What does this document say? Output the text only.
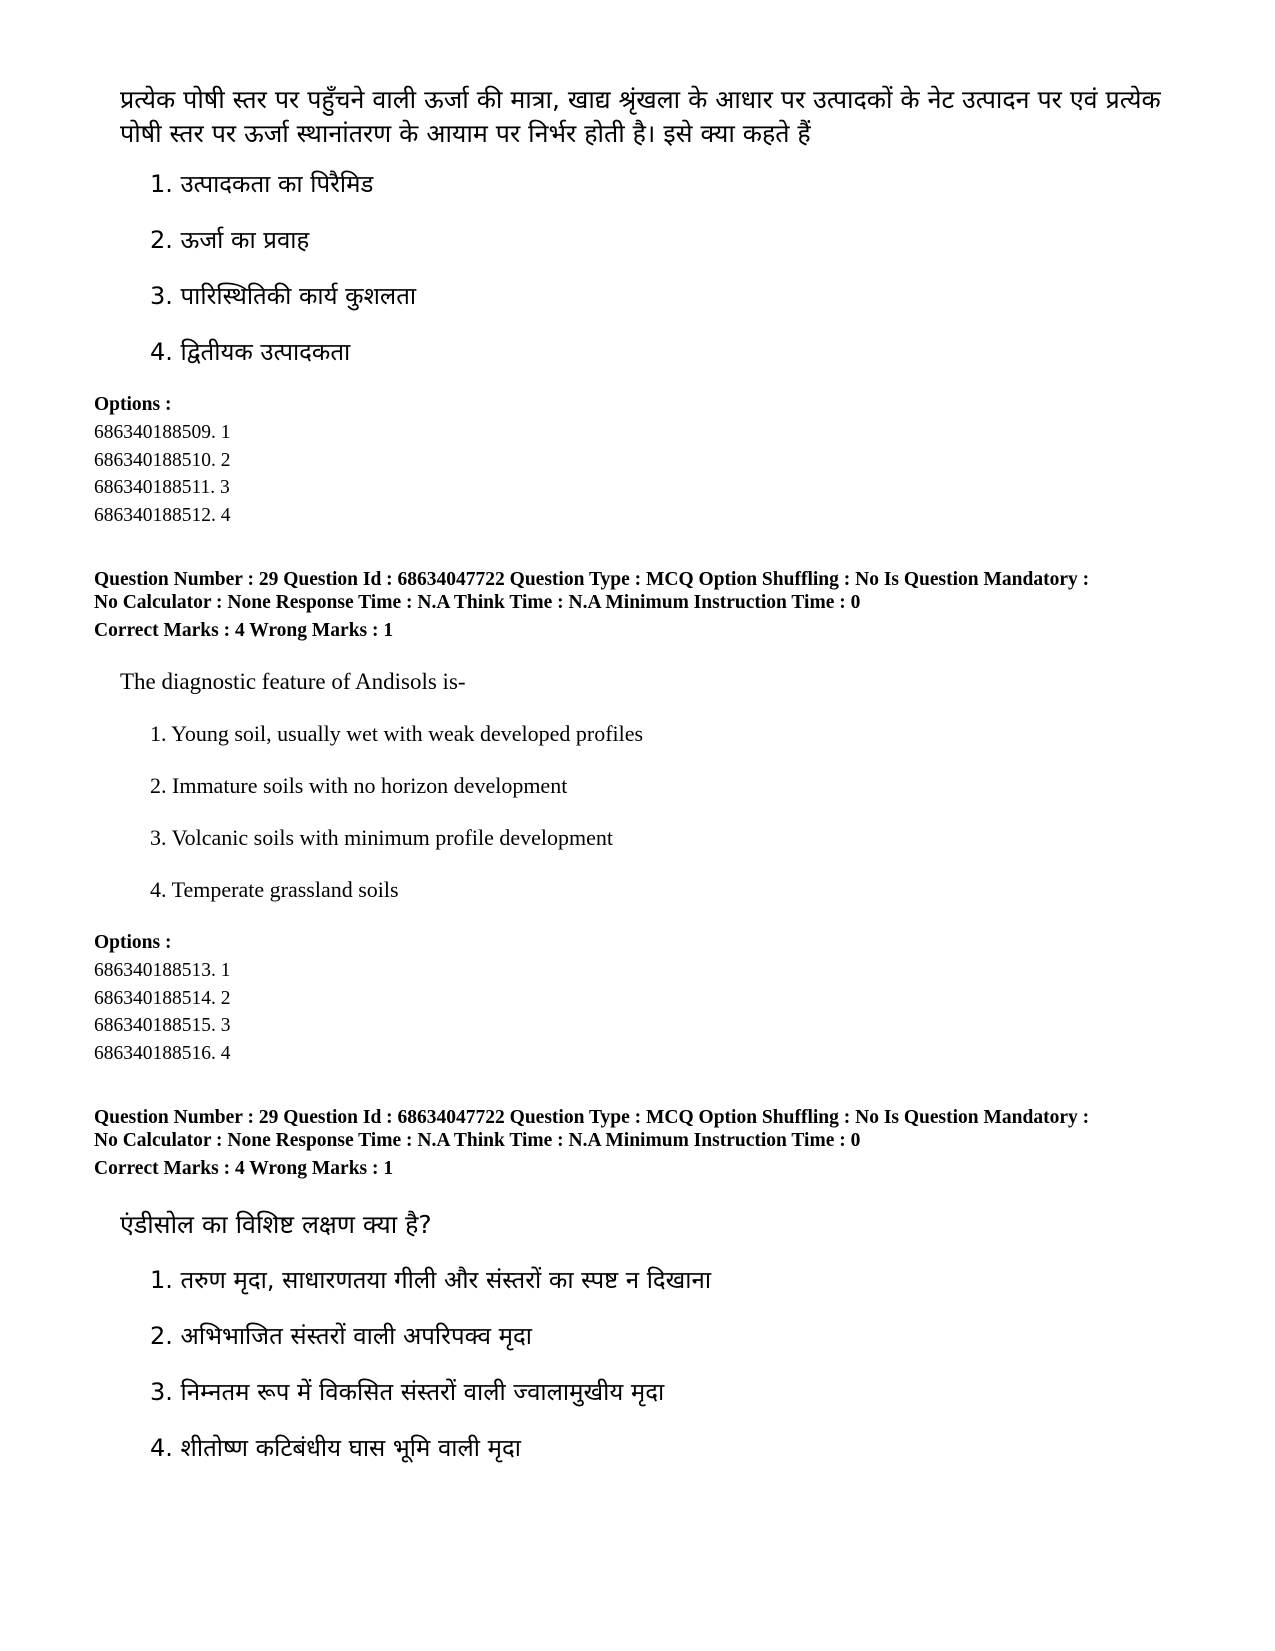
प्रत्येक पोषी स्तर पर पहुँचने वाली ऊर्जा की मात्रा, खाद्य श्रृंखला के आधार पर उत्पादकों के नेट उत्पादन पर एवं प्रत्येक पोषी स्तर पर ऊर्जा स्थानांतरण के आयाम पर निर्भर होती है। इसे क्या कहते हैं
1. उत्पादकता का पिरैमिड
2. ऊर्जा का प्रवाह
3. पारिस्थितिकी कार्य कुशलता
4. द्वितीयक उत्पादकता
Options :
686340188509. 1
686340188510. 2
686340188511. 3
686340188512. 4
Question Number : 29 Question Id : 68634047722 Question Type : MCQ Option Shuffling : No Is Question Mandatory :
No Calculator : None Response Time : N.A Think Time : N.A Minimum Instruction Time : 0
Correct Marks : 4 Wrong Marks : 1
The diagnostic feature of Andisols is-
1. Young soil, usually wet with weak developed profiles
2. Immature soils with no horizon development
3. Volcanic soils with minimum profile development
4. Temperate grassland soils
Options :
686340188513. 1
686340188514. 2
686340188515. 3
686340188516. 4
Question Number : 29 Question Id : 68634047722 Question Type : MCQ Option Shuffling : No Is Question Mandatory :
No Calculator : None Response Time : N.A Think Time : N.A Minimum Instruction Time : 0
Correct Marks : 4 Wrong Marks : 1
एंडीसोल का विशिष्ट लक्षण क्या है?
1. तरुण मृदा, साधारणतया गीली और संस्तरों का स्पष्ट न दिखाना
2. अभिभाजित संस्तरों वाली अपरिपक्व मृदा
3. निम्नतम रूप में विकसित संस्तरों वाली ज्वालामुखीय मृदा
4. शीतोष्ण कटिबंधीय घास भूमि वाली मृदा
